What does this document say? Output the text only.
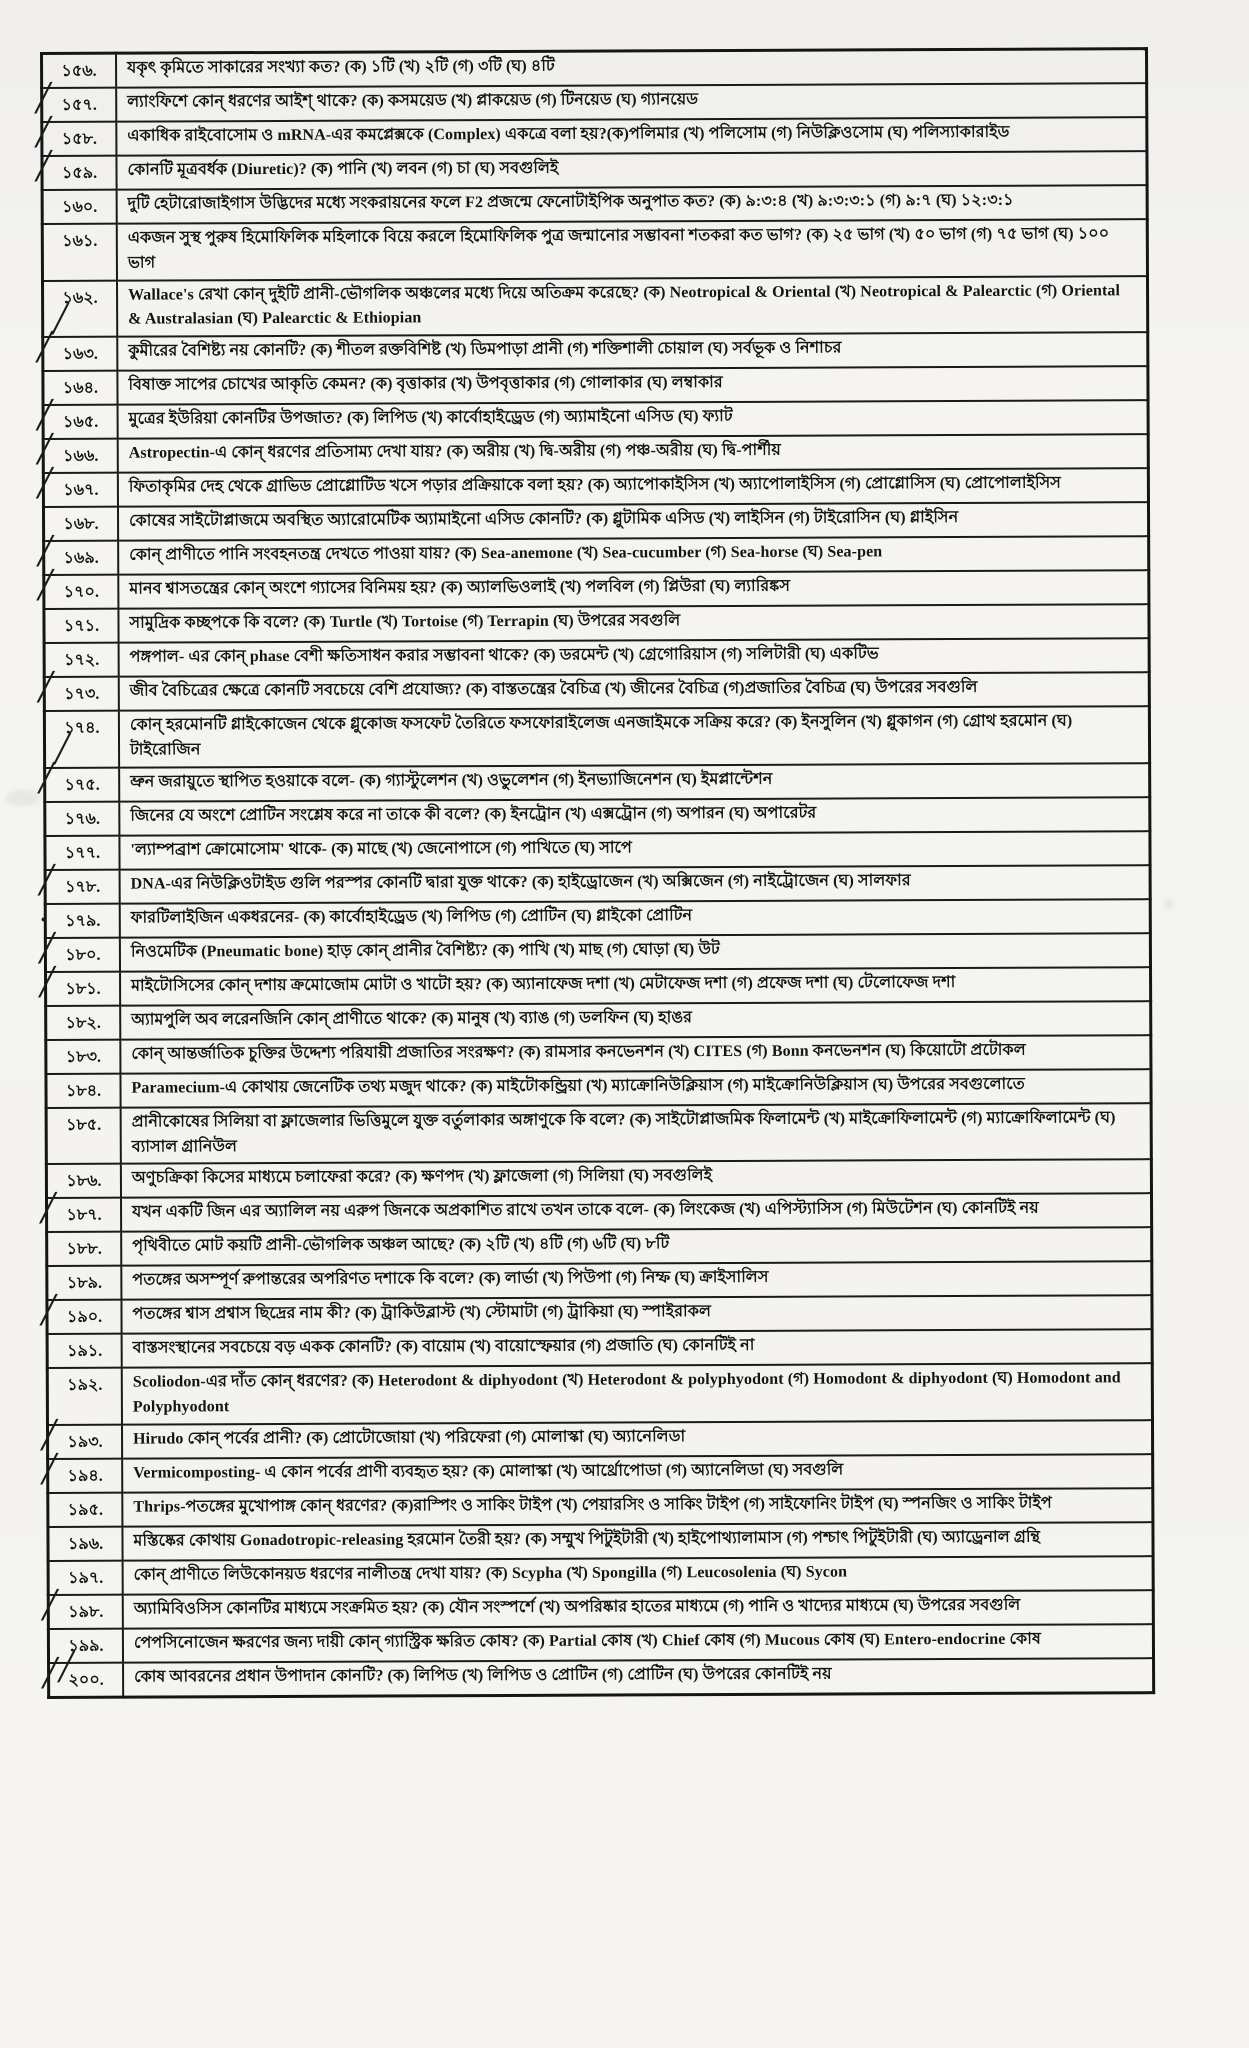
১৫৬.	যকৃৎ কৃমিতে সাকারের সংখ্যা কত? (ক) ১টি (খ) ২টি (গ) ৩টি (ঘ) ৪টি

╱
১৫৭.	ল্যাংফিশে কোন্ ধরণের আইশ্ থাকে? (ক) কসময়েড (খ) প্লাকয়েড (গ) টিনয়েড (ঘ) গ্যানয়েড

╱
১৫৮.	একাধিক রাইবোসোম ও mRNA-এর কমপ্লেক্সকে (Complex) একত্রে বলা হয়?(ক)পলিমার (খ) পলিসোম (গ) নিউক্লিওসোম (ঘ) পলিস্যাকারাইড

╱
১৫৯.	কোনটি মূত্রবর্ধক (Diuretic)? (ক) পানি (খ) লবন (গ) চা (ঘ) সবগুলিই
১৬০.	দুটি হেটারোজাইগাস উদ্ভিদের মধ্যে সংকরায়নের ফলে F2 প্রজন্মে ফেনোটাইপিক অনুপাত কত? (ক) ৯:৩:৪ (খ) ৯:৩:৩:১ (গ) ৯:৭ (ঘ) ১২:৩:১
১৬১.	একজন সুস্থ পুরুষ হিমোফিলিক মহিলাকে বিয়ে করলে হিমোফিলিক পুত্র জন্মানোর সম্ভাবনা শতকরা কত ভাগ? (ক) ২৫ ভাগ (খ) ৫০ ভাগ (গ) ৭৫ ভাগ (ঘ) ১০০ ভাগ

╱
১৬২.	Wallace's রেখা কোন্ দুইটি প্রানী-ভৌগলিক অঞ্চলের মধ্যে দিয়ে অতিক্রম করেছে? (ক) Neotropical & Oriental (খ) Neotropical & Palearctic (গ) Oriental & Australasian (ঘ) Palearctic & Ethiopian

╱
১৬৩.	কুমীরের বৈশিষ্ট্য নয় কোনটি? (ক) শীতল রক্তবিশিষ্ট (খ) ডিমপাড়া প্রানী (গ) শক্তিশালী চোয়াল (ঘ) সর্বভূক ও নিশাচর
১৬৪.	বিষাক্ত সাপের চোখের আকৃতি কেমন? (ক) বৃত্তাকার (খ) উপবৃত্তাকার (গ) গোলাকার (ঘ) লম্বাকার

╱
১৬৫.	মুত্রের ইউরিয়া কোনটির উপজাত? (ক) লিপিড (খ) কার্বোহাইড্রেড (গ) অ্যামাইনো এসিড (ঘ) ফ্যাট

╱
১৬৬.	Astropectin-এ কোন্ ধরণের প্রতিসাম্য দেখা যায়? (ক) অরীয় (খ) দ্বি-অরীয় (গ) পঞ্চ-অরীয় (ঘ) দ্বি-পার্শীয়

╱
১৬৭.	ফিতাকৃমির দেহ থেকে গ্রাভিড প্রোগ্লোটিড খসে পড়ার প্রক্রিয়াকে বলা হয়? (ক) অ্যাপোকাইসিস (খ) অ্যাপোলাইসিস (গ) প্রোগ্লোসিস (ঘ) প্রোপোলাইসিস
১৬৮.	কোষের সাইটোপ্লাজমে অবস্থিত অ্যারোমেটিক অ্যামাইনো এসিড কোনটি? (ক) গ্লুটামিক এসিড (খ) লাইসিন (গ) টাইরোসিন (ঘ) গ্লাইসিন

╱
১৬৯.	কোন্ প্রাণীতে পানি সংবহনতন্ত্র দেখতে পাওয়া যায়? (ক) Sea-anemone (খ) Sea-cucumber (গ) Sea-horse (ঘ) Sea-pen

╱
১৭০.	মানব শ্বাসতন্ত্রের কোন্ অংশে গ্যাসের বিনিময় হয়? (ক) অ্যালভিওলাই (খ) পলবিল (গ) প্লিউরা (ঘ) ল্যারিঙ্কস
১৭১.	সামুদ্রিক কচ্ছপকে কি বলে? (ক) Turtle (খ) Tortoise (গ) Terrapin (ঘ) উপরের সবগুলি
১৭২.	পঙ্গপাল- এর কোন্ phase বেশী ক্ষতিসাধন করার সম্ভাবনা থাকে? (ক) ডরমেন্ট (খ) গ্রেগোরিয়াস (গ) সলিটারী (ঘ) একটিভ

╱
১৭৩.	জীব বৈচিত্রের ক্ষেত্রে কোনটি সবচেয়ে বেশি প্রযোজ্য? (ক) বাস্ততন্ত্রের বৈচিত্র (খ) জীনের বৈচিত্র (গ)প্রজাতির বৈচিত্র (ঘ) উপরের সবগুলি

╱
১৭৪.	কোন্ হরমোনটি গ্লাইকোজেন থেকে গ্লুকোজ ফসফেট তৈরিতে ফসফোরাইলেজ এনজাইমকে সক্রিয় করে? (ক) ইনসুলিন (খ) গ্লুকাগন (গ) গ্রোথ হরমোন (ঘ) টাইরোজিন

╱
১৭৫.	ভ্রুন জরায়ুতে স্থাপিত হওয়াকে বলে- (ক) গ্যাস্টুলেশন (খ) ওভুলেশন (গ) ইনভ্যাজিনেশন (ঘ) ইমপ্লান্টেশন
১৭৬.	জিনের যে অংশে প্রোটিন সংশ্লেষ করে না তাকে কী বলে? (ক) ইনট্রোন (খ) এক্সট্রোন (গ) অপারন (ঘ) অপারেটর
১৭৭.	'ল্যাম্পব্রাশ ক্রোমোসোম' থাকে- (ক) মাছে (খ) জেনোপাসে (গ) পাখিতে (ঘ) সাপে

╱
১৭৮.	DNA-এর নিউক্লিওটাইড গুলি পরস্পর কোনটি দ্বারা যুক্ত থাকে? (ক) হাইড্রোজেন (খ) অক্সিজেন (গ) নাইট্রোজেন (ঘ) সালফার

●
১৭৯.	ফারটিলাইজিন একধরনের- (ক) কার্বোহাইড্রেড (খ) লিপিড (গ) প্রোটিন (ঘ) গ্লাইকো প্রোটিন

╱
১৮০.	নিওমেটিক (Pneumatic bone) হাড় কোন্ প্রানীর বৈশিষ্ট্য? (ক) পাখি (খ) মাছ (গ) ঘোড়া (ঘ) উট

╱
১৮১.	মাইটোসিসের কোন্ দশায় ক্রমোজোম মোটা ও খাটো হয়? (ক) অ্যানাফেজ দশা (খ) মেটাফেজ দশা (গ) প্রফেজ দশা (ঘ) টেলোফেজ দশা
১৮২.	অ্যামপুলি অব লরেনজিনি কোন্ প্রাণীতে থাকে? (ক) মানুষ (খ) ব্যাঙ (গ) ডলফিন (ঘ) হাঙর
১৮৩.	কোন্ আন্তর্জাতিক চুক্তির উদ্দেশ্য পরিযায়ী প্রজাতির সংরক্ষণ? (ক) রামসার কনভেনশন (খ) CITES (গ) Bonn কনভেনশন (ঘ) কিয়োটো প্রটোকল
১৮৪.	Paramecium-এ কোথায় জেনেটিক তথ্য মজুদ থাকে? (ক) মাইটোকন্ড্রিয়া (খ) ম্যাক্রোনিউক্লিয়াস (গ) মাইক্রোনিউক্লিয়াস (ঘ) উপরের সবগুলোতে
১৮৫.	প্রানীকোষের সিলিয়া বা ফ্লাজেলার ভিত্তিমুলে যুক্ত বর্তুলাকার অঙ্গাণুকে কি বলে? (ক) সাইটোপ্লাজমিক ফিলামেন্ট (খ) মাইক্রোফিলামেন্ট (গ) ম্যাক্রোফিলামেন্ট (ঘ) ব্যাসাল গ্রানিউল
১৮৬.	অণুচক্রিকা কিসের মাধ্যমে চলাফেরা করে? (ক) ক্ষণপদ (খ) ফ্লাজেলা (গ) সিলিয়া (ঘ) সবগুলিই

╱
১৮৭.	যখন একটি জিন এর অ্যালিল নয় এরুপ জিনকে অপ্রকাশিত রাখে তখন তাকে বলে- (ক) লিংকেজ (খ) এপিস্ট্যাসিস (গ) মিউটেশন (ঘ) কোনটিই নয়
১৮৮.	পৃথিবীতে মোট কয়টি প্রানী-ভৌগলিক অঞ্চল আছে? (ক) ২টি (খ) ৪টি (গ) ৬টি (ঘ) ৮টি
১৮৯.	পতঙ্গের অসম্পূর্ণ রুপান্তরের অপরিণত দশাকে কি বলে? (ক) লার্ভা (খ) পিউপা (গ) নিম্ফ (ঘ) ক্রাইসালিস

╱
১৯০.	পতঙ্গের শ্বাস প্রশ্বাস ছিদ্রের নাম কী? (ক) ট্রাকিউব্লাস্ট (খ) স্টোমাটা (গ) ট্রাকিয়া (ঘ) স্পাইরাকল
১৯১.	বাস্তসংস্থানের সবচেয়ে বড় একক কোনটি? (ক) বায়োম (খ) বায়োস্ফেয়ার (গ) প্রজাতি (ঘ) কোনটিই না
১৯২.	Scoliodon-এর দাঁত কোন্ ধরণের? (ক) Heterodont & diphyodont (খ) Heterodont & polyphyodont (গ) Homodont & diphyodont (ঘ) Homodont and Polyphyodont

╱
১৯৩.	Hirudo কোন্ পর্বের প্রানী? (ক) প্রোটোজোয়া (খ) পরিফেরা (গ) মোলাস্কা (ঘ) অ্যানেলিডা

╱
১৯৪.	Vermicomposting- এ কোন পর্বের প্রাণী ব্যবহৃত হয়? (ক) মোলাস্কা (খ) আর্থ্রোপোডা (গ) অ্যানেলিডা (ঘ) সবগুলি
১৯৫.	Thrips-পতঙ্গের মুখোপাঙ্গ কোন্ ধরণের? (ক)রাস্পিং ও সাকিং টাইপ (খ) পেয়ারসিং ও সাকিং টাইপ (গ) সাইফোনিং টাইপ (ঘ) স্পনজিং ও সাকিং টাইপ
১৯৬.	মস্তিষ্কের কোথায় Gonadotropic-releasing হরমোন তৈরী হয়? (ক) সম্মুখ পিটুইটারী (খ) হাইপোথ্যালামাস (গ) পশ্চাৎ পিটুইটারী (ঘ) অ্যাড্রেনাল গ্রন্থি
১৯৭.	কোন্ প্রাণীতে লিউকোনয়ড ধরণের নালীতন্ত্র দেখা যায়? (ক) Scypha (খ) Spongilla (গ) Leucosolenia (ঘ) Sycon

╱
১৯৮.	অ্যামিবিওসিস কোনটির মাধ্যমে সংক্রমিত হয়? (ক) যৌন সংস্পর্শে (খ) অপরিষ্কার হাতের মাধ্যমে (গ) পানি ও খাদ্যের মাধ্যমে (ঘ) উপরের সবগুলি

╱
১৯৯.	পেপসিনোজেন ক্ষরণের জন্য দায়ী কোন্ গ্যাস্ট্রিক ক্ষরিত কোষ? (ক) Partial কোষ (খ) Chief কোষ (গ) Mucous কোষ (ঘ) Entero-endocrine কোষ

╱
২০০.	কোষ আবরনের প্রধান উপাদান কোনটি? (ক) লিপিড (খ) লিপিড ও প্রোটিন (গ) প্রোটিন (ঘ) উপরের কোনটিই নয়
